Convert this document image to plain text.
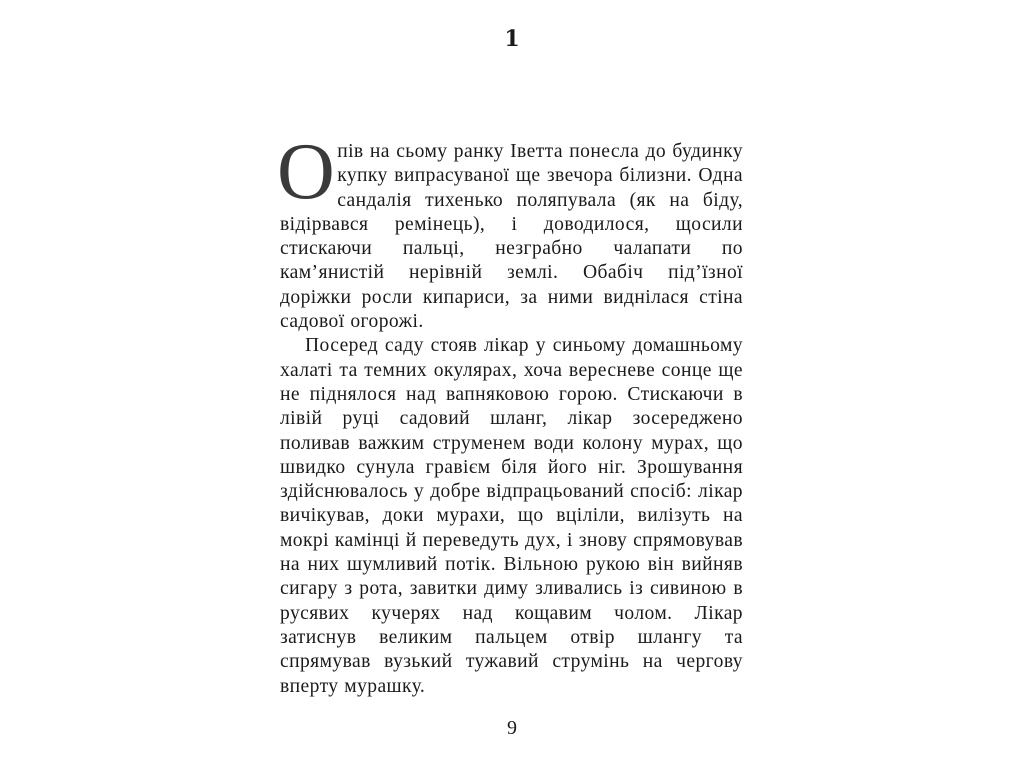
1

О пів на сьому ранку Іветта понесла до будинку купку випрасуваної ще звечора білизни. Одна сандалія тихенько поляпувала (як на біду, відірвався ремінець), і доводилося, щосили стискаючи пальці, незграбно чалапати по кам’янистій нерівній землі. Обабіч під’їзної доріжки росли кипариси, за ними виднілася стіна садової огорожі.

Посеред саду стояв лікар у синьому домашньому халаті та темних окулярах, хоча вересневе сонце ще не піднялося над вапняковою горою. Стискаючи в лівій руці садовий шланг, лікар зосереджено поливав важким струменем води колону мурах, що швидко сунула гравієм біля його ніг. Зрошування здійснювалось у добре відпрацьований спосіб: лікар вичікував, доки мурахи, що вціліли, вилізуть на мокрі камінці й переведуть дух, і знову спрямовував на них шумливий потік. Вільною рукою він вийняв сигару з рота, завитки диму зливались із сивиною в русявих кучерях над кощавим чолом. Лікар затиснув великим пальцем отвір шлангу та спрямував вузький тужавий струмінь на чергову вперту мурашку.

9
